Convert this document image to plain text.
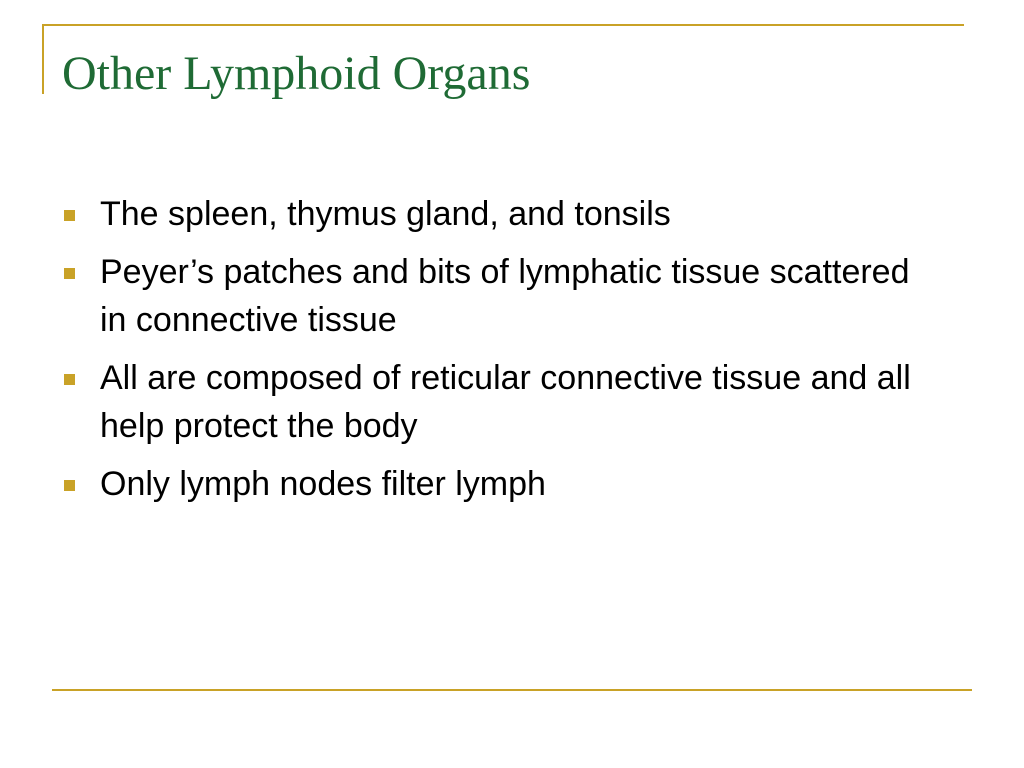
Other Lymphoid Organs
The spleen, thymus gland, and tonsils
Peyer’s patches and bits of lymphatic tissue scattered in connective tissue
All are composed of reticular connective tissue and all help protect the body
Only lymph nodes filter lymph
